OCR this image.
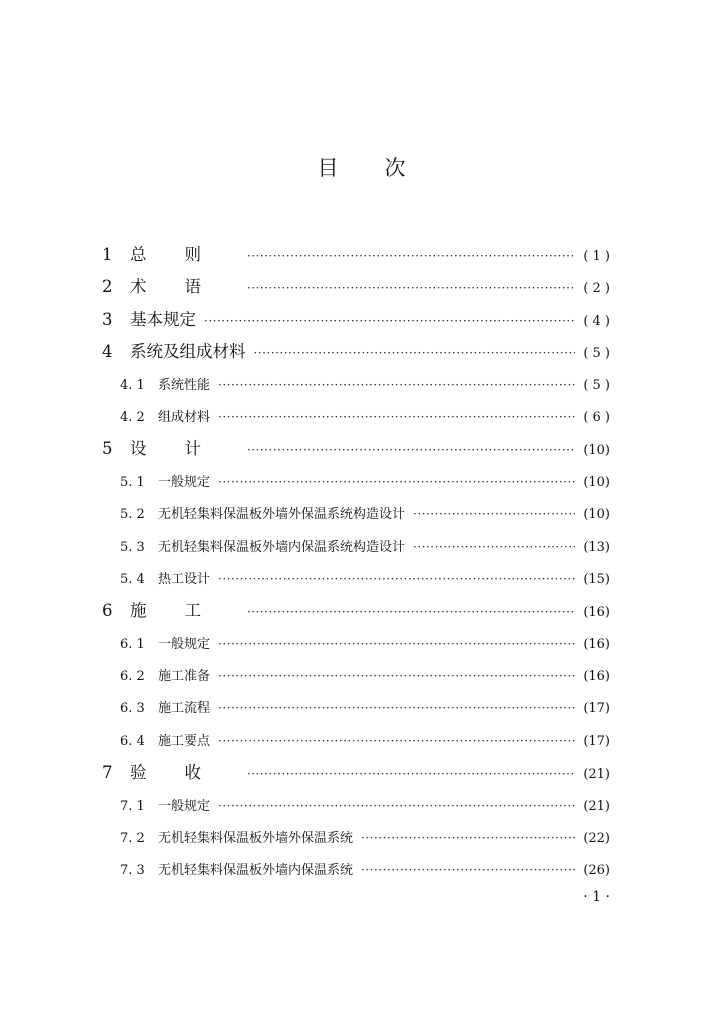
目 次
1	总则 ·····	( 1 )
2	术语 ·····	( 2 )
3	基本规定 ·····	( 4 )
4	系统及组成材料 ·····	( 5 )
4. 1	系统性能 ·····	( 5 )
4. 2	组成材料 ·····	( 6 )
5	设计 ·····	(10)
5. 1	一般规定 ·····	(10)
5. 2	无机轻集料保温板外墙外保温系统构造设计 ·····	(10)
5. 3	无机轻集料保温板外墙内保温系统构造设计 ·····	(13)
5. 4	热工设计 ·····	(15)
6	施工 ·····	(16)
6. 1	一般规定 ·····	(16)
6. 2	施工准备 ·····	(16)
6. 3	施工流程 ·····	(17)
6. 4	施工要点 ·····	(17)
7	验收 ·····	(21)
7. 1	一般规定 ·····	(21)
7. 2	无机轻集料保温板外墙外保温系统 ·····	(22)
7. 3	无机轻集料保温板外墙内保温系统 ·····	(26)
· 1 ·
